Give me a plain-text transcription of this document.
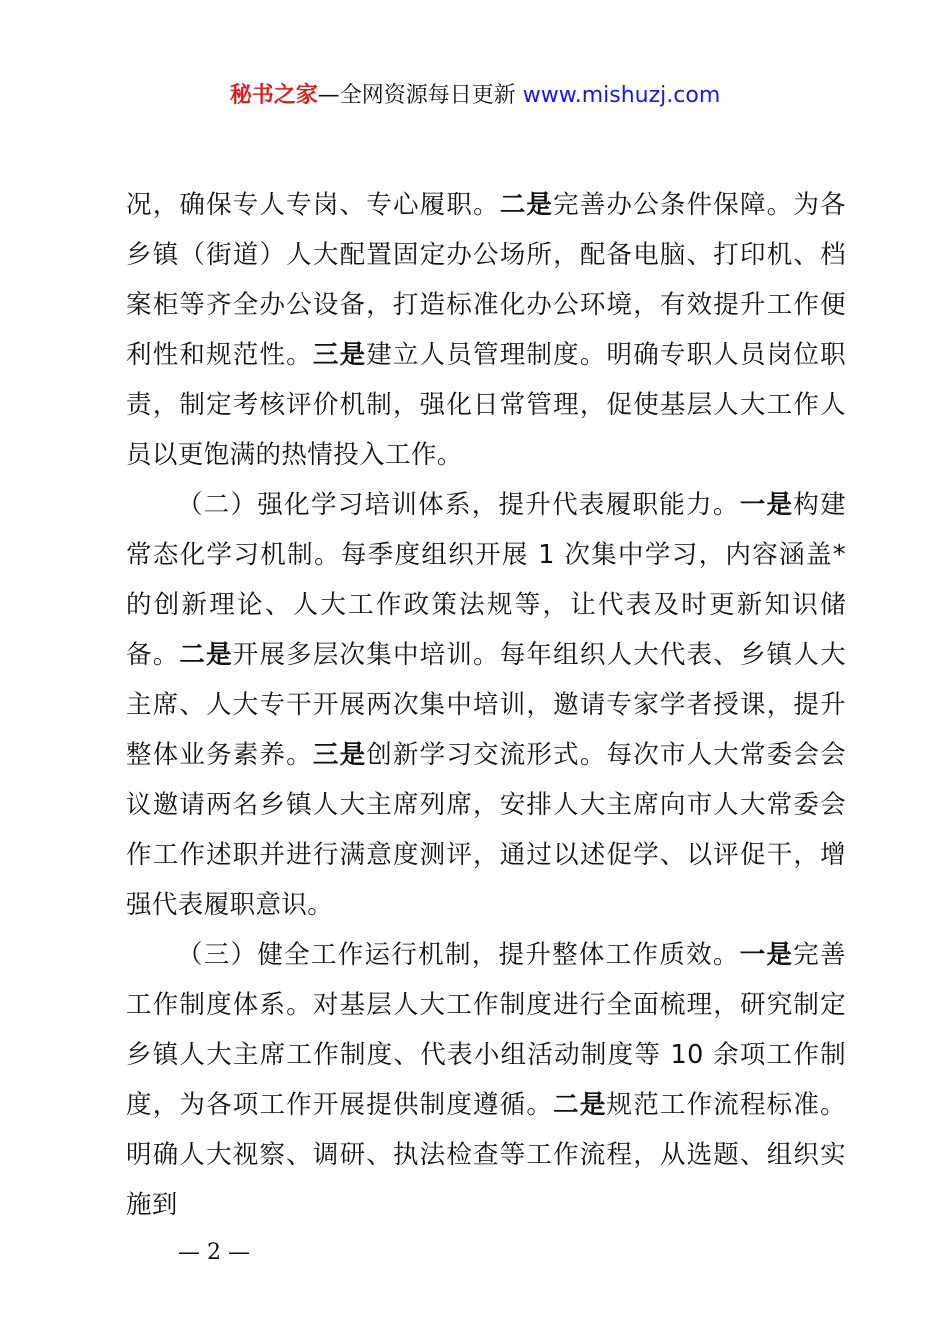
秘书之家—全网资源每日更新 www.mishuzj.com

况，确保专人专岗、专心履职。二是完善办公条件保障。为各乡镇（街道）人大配置固定办公场所，配备电脑、打印机、档案柜等齐全办公设备，打造标准化办公环境，有效提升工作便利性和规范性。三是建立人员管理制度。明确专职人员岗位职责，制定考核评价机制，强化日常管理，促使基层人大工作人员以更饱满的热情投入工作。

（二）强化学习培训体系，提升代表履职能力。一是构建常态化学习机制。每季度组织开展 1 次集中学习，内容涵盖*的创新理论、人大工作政策法规等，让代表及时更新知识储备。二是开展多层次集中培训。每年组织人大代表、乡镇人大主席、人大专干开展两次集中培训，邀请专家学者授课，提升整体业务素养。三是创新学习交流形式。每次市人大常委会会议邀请两名乡镇人大主席列席，安排人大主席向市人大常委会作工作述职并进行满意度测评，通过以述促学、以评促干，增强代表履职意识。

（三）健全工作运行机制，提升整体工作质效。一是完善工作制度体系。对基层人大工作制度进行全面梳理，研究制定乡镇人大主席工作制度、代表小组活动制度等 10 余项工作制度，为各项工作开展提供制度遵循。二是规范工作流程标准。明确人大视察、调研、执法检查等工作流程，从选题、组织实施到

— 2 —
